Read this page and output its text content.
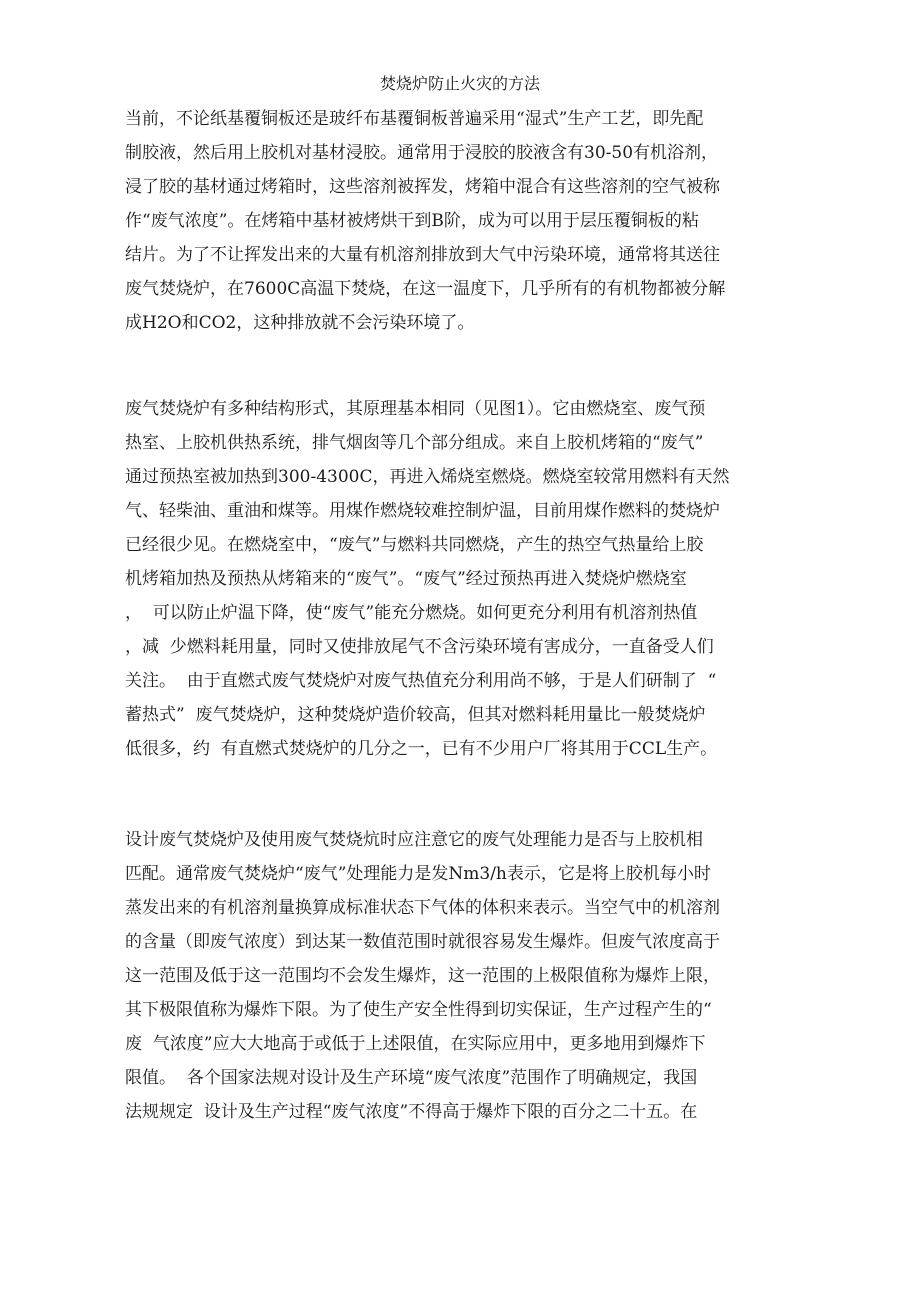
焚烧炉防止火灾的方法
当前，不论纸基覆铜板还是玻纤布基覆铜板普遍采用“湿式”生产工艺，即先配
制胶液，然后用上胶机对基材浸胶。通常用于浸胶的胶液含有30-50有机浴剂，
浸了胶的基材通过烤箱时，这些溶剂被挥发，烤箱中混合有这些溶剂的空气被称
作“废气浓度”。在烤箱中基材被烤烘干到B阶，成为可以用于层压覆铜板的粘
结片。为了不让挥发出来的大量有机溶剂排放到大气中污染环境，通常将其送往
废气焚烧炉，在7600C高温下焚烧，在这一温度下，几乎所有的有机物都被分解
成H2O和CO2，这种排放就不会污染环境了。
废气焚烧炉有多种结构形式，其原理基本相同（见图1）。它由燃烧室、废气预
热室、上胶机供热系统，排气烟囱等几个部分组成。来自上胶机烤箱的“废气”
通过预热室被加热到300-4300C，再进入烯烧室燃烧。燃烧室较常用燃料有天然
气、轻柴油、重油和煤等。用煤作燃烧较难控制炉温，目前用煤作燃料的焚烧炉
已经很少见。在燃烧室中，“废气”与燃料共同燃烧，产生的热空气热量给上胶
机烤箱加热及预热从烤箱来的“废气”。“废气”经过预热再进入焚烧炉燃烧室
，  可以防止炉温下降，使“废气”能充分燃烧。如何更充分利用有机溶剂热值
，减  少燃料耗用量，同时又使排放尾气不含污染环境有害成分，一直备受人们
关注。  由于直燃式废气焚烧炉对废气热值充分利用尚不够，于是人们研制了  “
蓄热式”  废气焚烧炉，这种焚烧炉造价较高，但其对燃料耗用量比一般焚烧炉
低很多，约  有直燃式焚烧炉的几分之一，已有不少用户厂将其用于CCL生产。
设计废气焚烧炉及使用废气焚烧炕时应注意它的废气处理能力是否与上胶机相
匹配。通常废气焚烧炉“废气”处理能力是发Nm3/h表示，它是将上胶机每小时
蒸发出来的有机溶剂量换算成标准状态下气体的体积来表示。当空气中的机溶剂
的含量（即废气浓度）到达某一数值范围时就很容易发生爆炸。但废气浓度高于
这一范围及低于这一范围均不会发生爆炸，这一范围的上极限值称为爆炸上限，
其下极限值称为爆炸下限。为了使生产安全性得到切实保证，生产过程产生的“
废  气浓度”应大大地高于或低于上述限值，在实际应用中，更多地用到爆炸下
限值。  各个国家法规对设计及生产环境“废气浓度”范围作了明确规定，我国
法规规定  设计及生产过程“废气浓度”不得高于爆炸下限的百分之二十五。在
